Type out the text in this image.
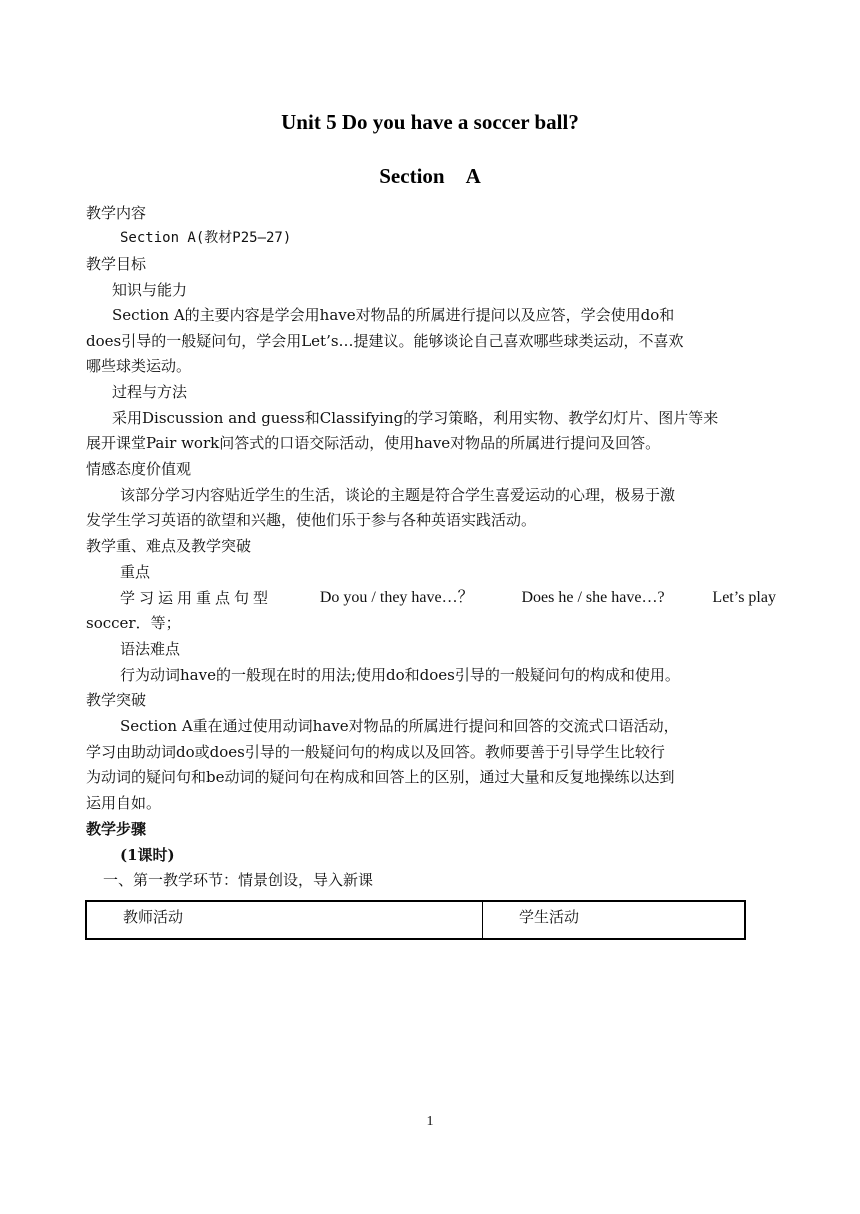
Unit 5 Do you have a soccer ball?
Section　A
教学内容
Section A(教材P25—27)
教学目标
知识与能力
Section A的主要内容是学会用have对物品的所属进行提问以及应答，学会使用do和
does引导的一般疑问句，学会用Let’s…提建议。能够谈论自己喜欢哪些球类运动，不喜欢
哪些球类运动。
过程与方法
采用Discussion and guess和Classifying的学习策略，利用实物、教学幻灯片、图片等来
展开课堂Pair work问答式的口语交际活动，使用have对物品的所属进行提问及回答。
情感态度价值观
该部分学习内容贴近学生的生活，谈论的主题是符合学生喜爱运动的心理，极易于激
发学生学习英语的欲望和兴趣，使他们乐于参与各种英语实践活动。
教学重、难点及教学突破
重点
学习运用重点句型	Do you / they have…？	Does he / she have…?	Let’s play
soccer．等；
语法难点
行为动词have的一般现在时的用法;使用do和does引导的一般疑问句的构成和使用。
教学突破
Section A重在通过使用动词have对物品的所属进行提问和回答的交流式口语活动，
学习由助动词do或does引导的一般疑问句的构成以及回答。教师要善于引导学生比较行
为动词的疑问句和be动词的疑问句在构成和回答上的区别，通过大量和反复地操练以达到
运用自如。
教学步骤
(1课时)
一、第一教学环节：情景创设，导入新课
教师活动	学生活动
1
